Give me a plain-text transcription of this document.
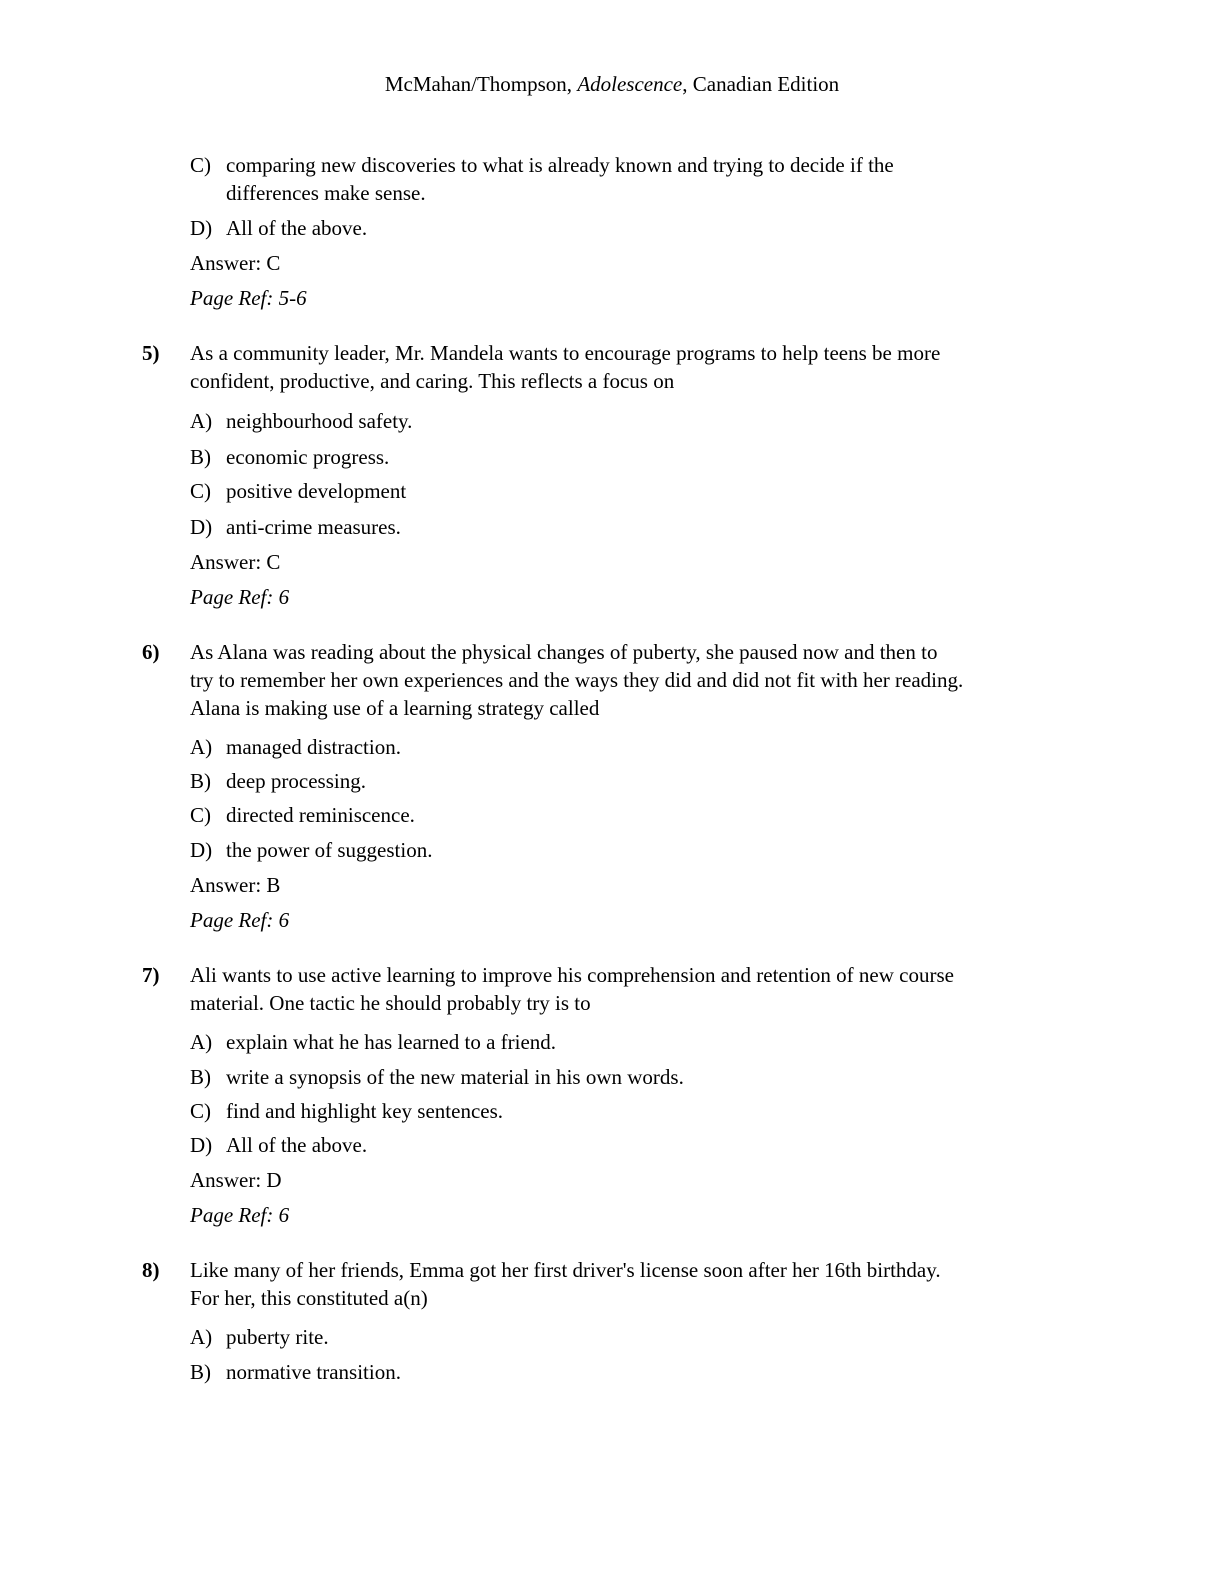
McMahan/Thompson, Adolescence, Canadian Edition
C) comparing new discoveries to what is already known and trying to decide if the
differences make sense.
D) All of the above.
Answer: C
Page Ref: 5-6
5) As a community leader, Mr. Mandela wants to encourage programs to help teens be more
confident, productive, and caring. This reflects a focus on
A) neighbourhood safety.
B) economic progress.
C) positive development
D) anti-crime measures.
Answer: C
Page Ref: 6
6) As Alana was reading about the physical changes of puberty, she paused now and then to
try to remember her own experiences and the ways they did and did not fit with her reading.
Alana is making use of a learning strategy called
A) managed distraction.
B) deep processing.
C) directed reminiscence.
D) the power of suggestion.
Answer: B
Page Ref: 6
7) Ali wants to use active learning to improve his comprehension and retention of new course
material. One tactic he should probably try is to
A) explain what he has learned to a friend.
B) write a synopsis of the new material in his own words.
C) find and highlight key sentences.
D) All of the above.
Answer: D
Page Ref: 6
8) Like many of her friends, Emma got her first driver's license soon after her 16th birthday.
For her, this constituted a(n)
A) puberty rite.
B) normative transition.
